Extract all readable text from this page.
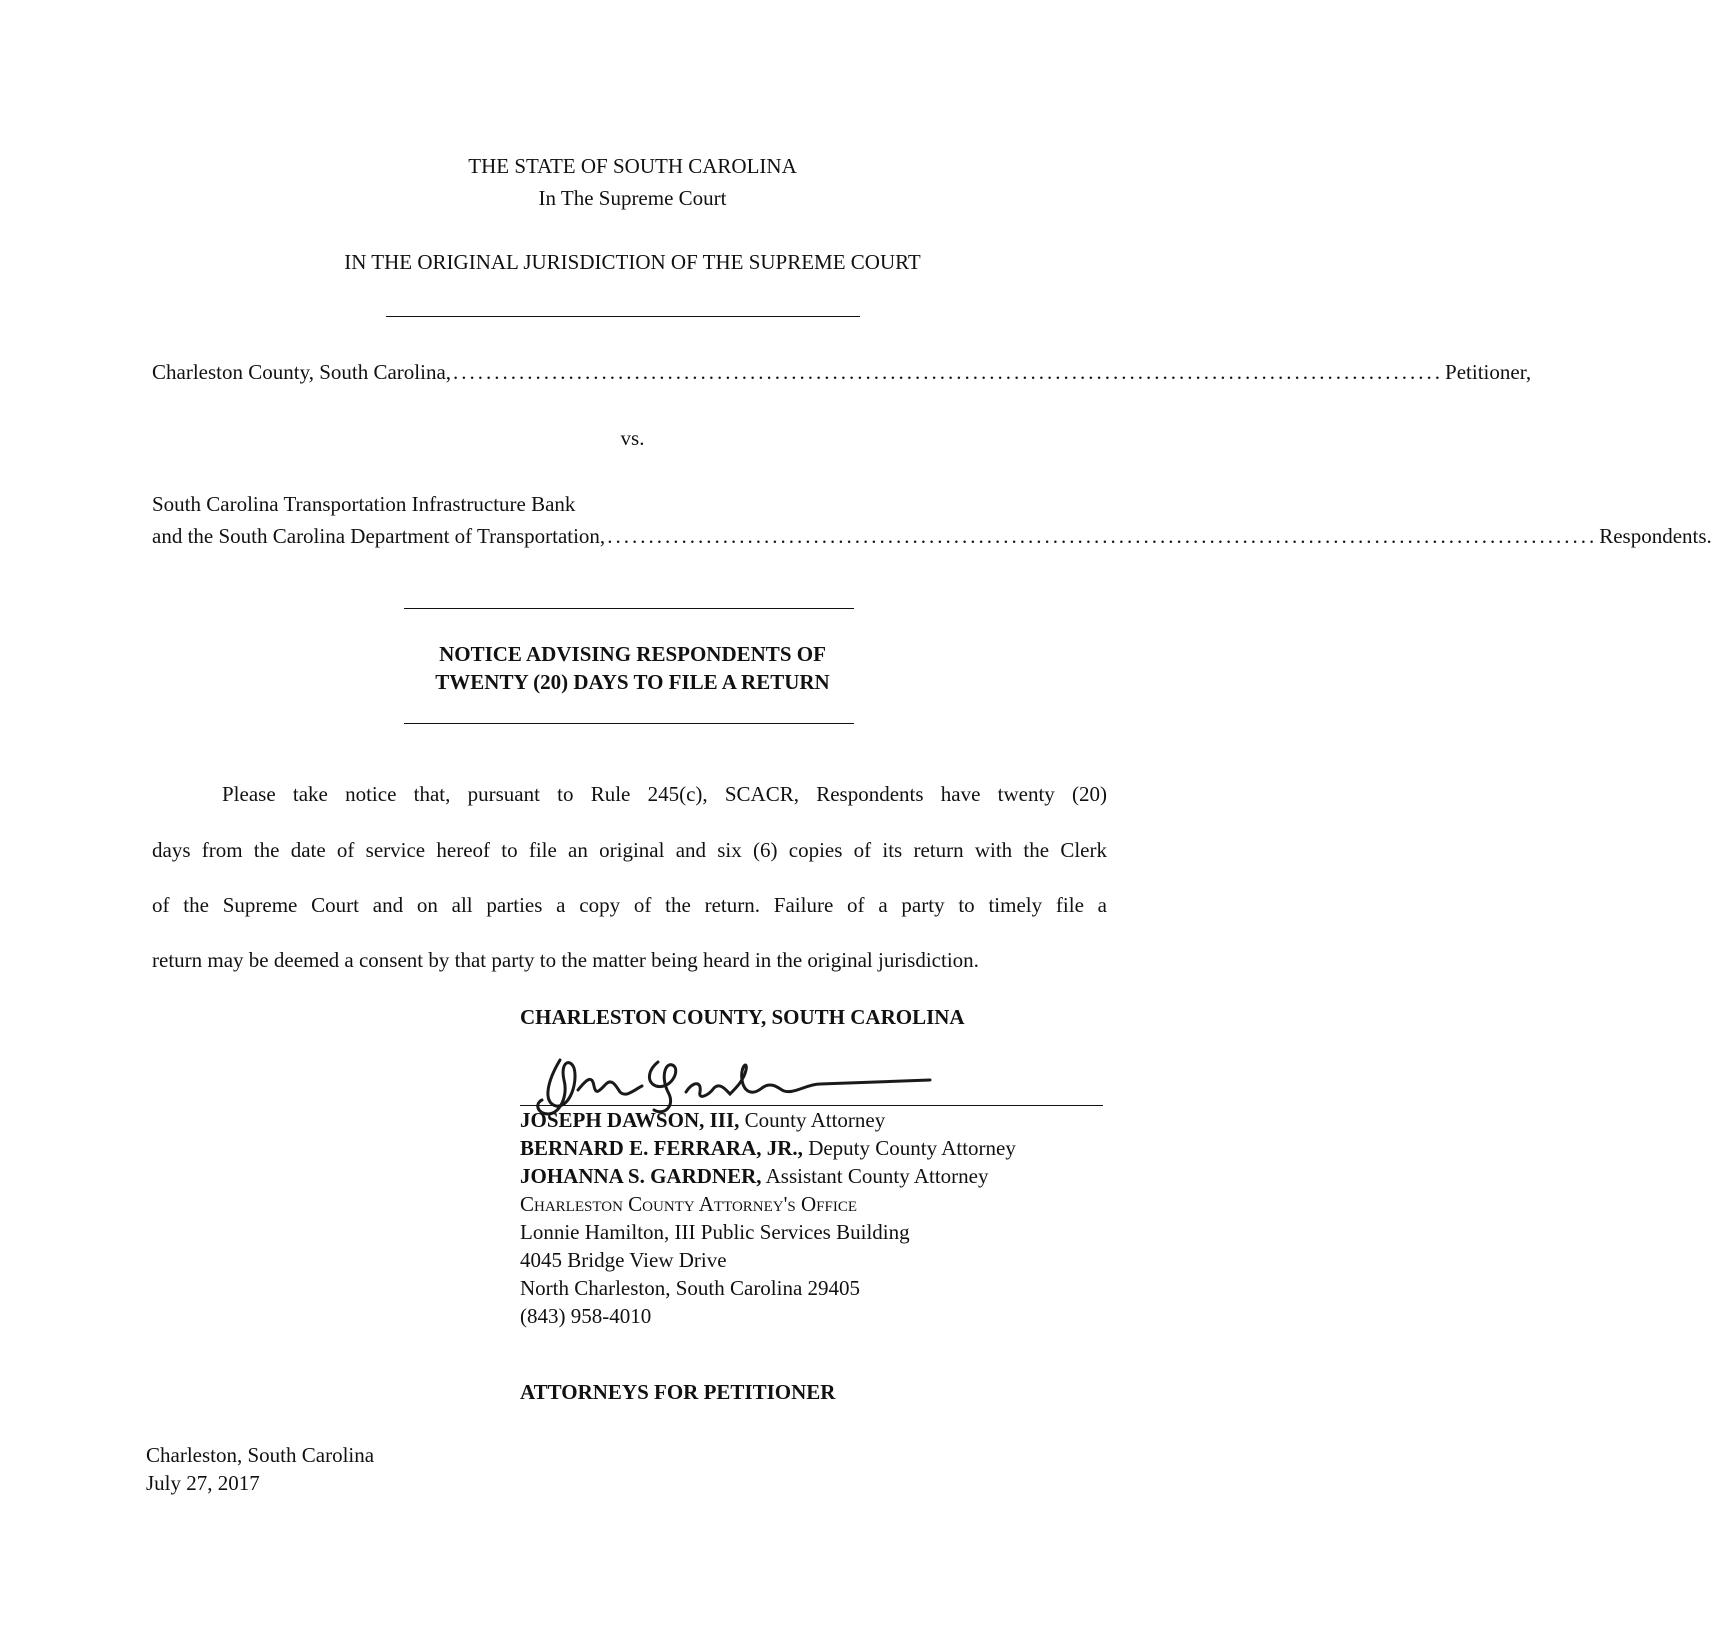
THE STATE OF SOUTH CAROLINA
In The Supreme Court
IN THE ORIGINAL JURISDICTION OF THE SUPREME COURT
Charleston County, South Carolina, ........................................................................................................................ Petitioner,
vs.
South Carolina Transportation Infrastructure Bank
and the South Carolina Department of Transportation, ........................................................................................................................ Respondents.
NOTICE ADVISING RESPONDENTS OF
TWENTY (20) DAYS TO FILE A RETURN
Please take notice that, pursuant to Rule 245(c), SCACR, Respondents have twenty (20)
days from the date of service hereof to file an original and six (6) copies of its return with the Clerk
of the Supreme Court and on all parties a copy of the return. Failure of a party to timely file a
return may be deemed a consent by that party to the matter being heard in the original jurisdiction.
CHARLESTON COUNTY, SOUTH CAROLINA
JOSEPH DAWSON, III, County Attorney
BERNARD E. FERRARA, JR., Deputy County Attorney
JOHANNA S. GARDNER, Assistant County Attorney
Charleston County Attorney's Office
Lonnie Hamilton, III Public Services Building
4045 Bridge View Drive
North Charleston, South Carolina 29405
(843) 958-4010
ATTORNEYS FOR PETITIONER
Charleston, South Carolina
July 27, 2017
